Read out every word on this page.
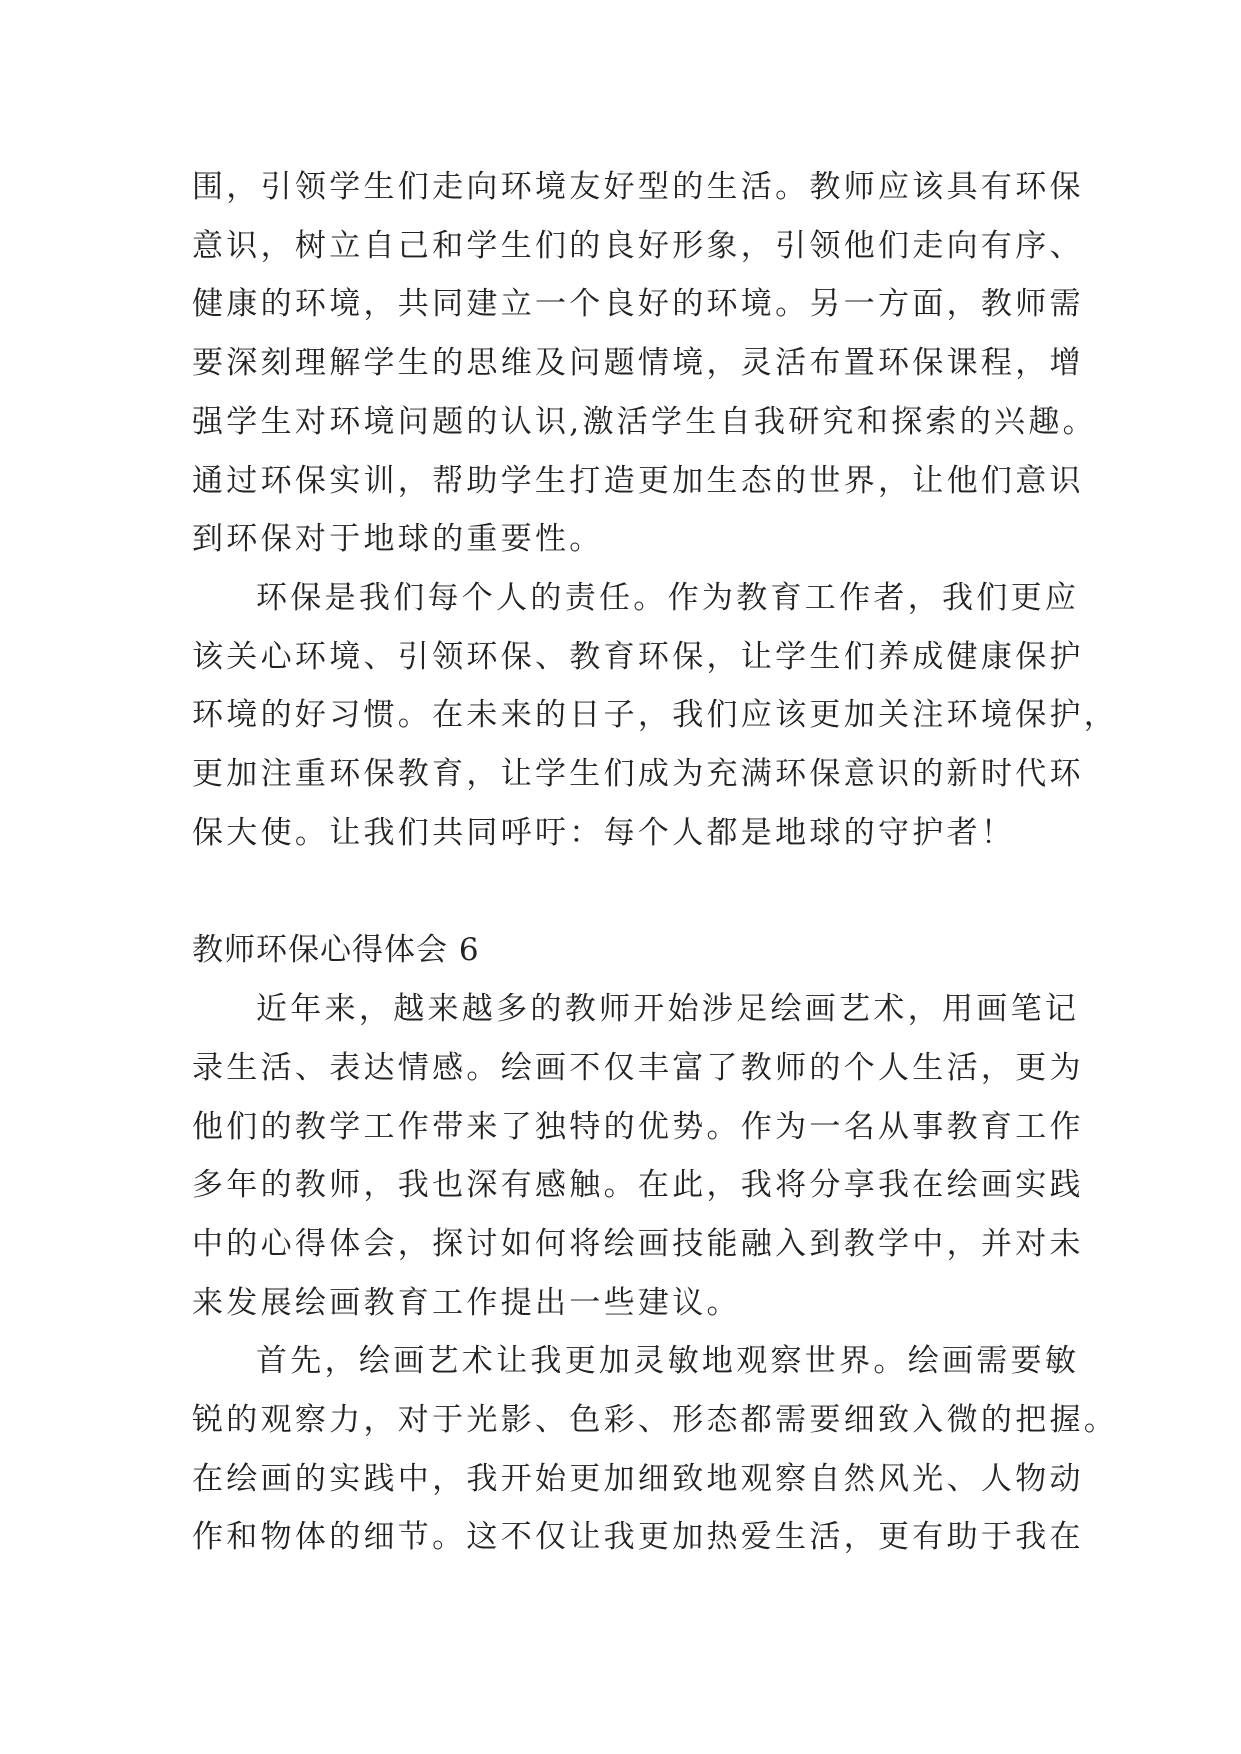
围，引领学生们走向环境友好型的生活。教师应该具有环保

意识，树立自己和学生们的良好形象，引领他们走向有序、

健康的环境，共同建立一个良好的环境。另一方面，教师需

要深刻理解学生的思维及问题情境，灵活布置环保课程，增

强学生对环境问题的认识,激活学生自我研究和探索的兴趣。

通过环保实训，帮助学生打造更加生态的世界，让他们意识

到环保对于地球的重要性。

环保是我们每个人的责任。作为教育工作者，我们更应

该关心环境、引领环保、教育环保，让学生们养成健康保护

环境的好习惯。在未来的日子，我们应该更加关注环境保护，

更加注重环保教育，让学生们成为充满环保意识的新时代环

保大使。让我们共同呼吁：每个人都是地球的守护者！

教师环保心得体会 6

近年来，越来越多的教师开始涉足绘画艺术，用画笔记

录生活、表达情感。绘画不仅丰富了教师的个人生活，更为

他们的教学工作带来了独特的优势。作为一名从事教育工作

多年的教师，我也深有感触。在此，我将分享我在绘画实践

中的心得体会，探讨如何将绘画技能融入到教学中，并对未

来发展绘画教育工作提出一些建议。

首先，绘画艺术让我更加灵敏地观察世界。绘画需要敏

锐的观察力，对于光影、色彩、形态都需要细致入微的把握。

在绘画的实践中，我开始更加细致地观察自然风光、人物动

作和物体的细节。这不仅让我更加热爱生活，更有助于我在
